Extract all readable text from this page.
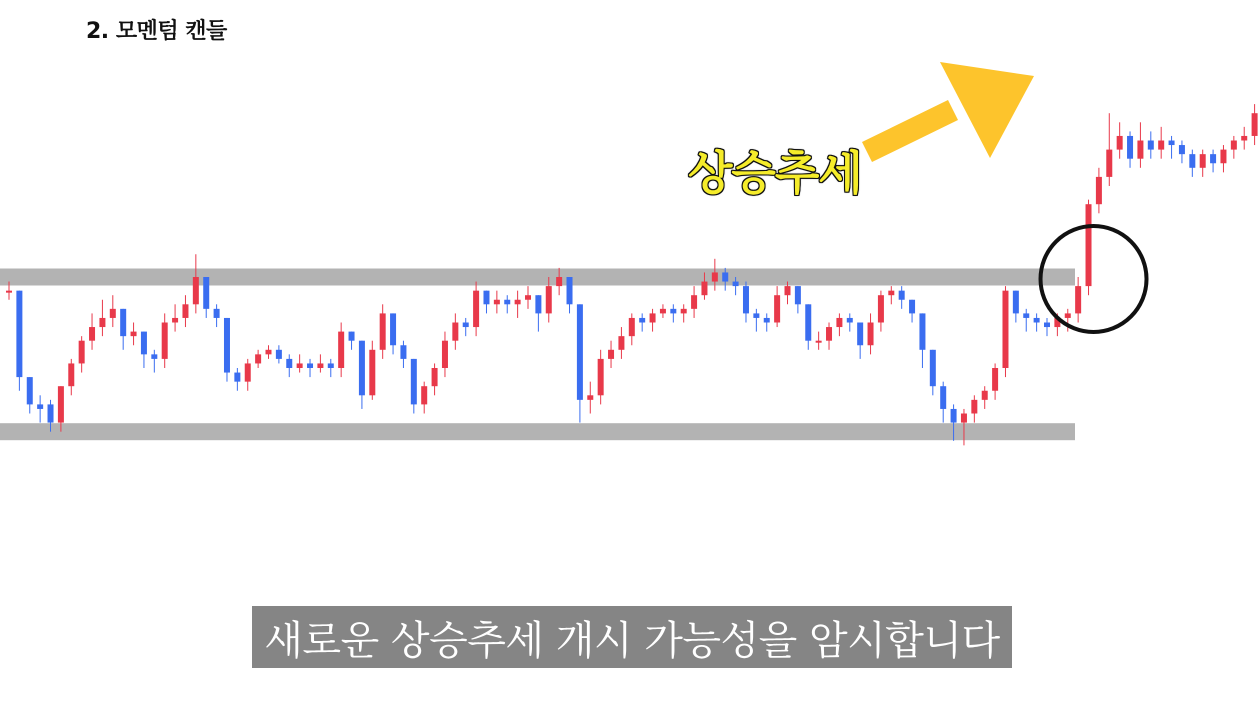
2. 모멘텀 캔들
상승추세
새로운 상승추세 개시 가능성을 암시합니다
